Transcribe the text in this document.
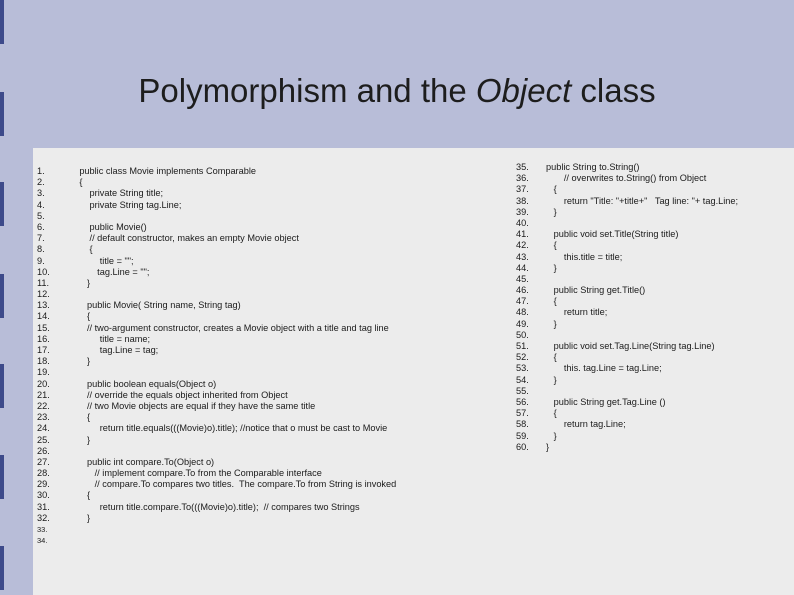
Polymorphism and the Object class
1.	public class Movie implements Comparable
2.	{
3.	private String title;
4.	private String tag.Line;
5.
6.	public Movie()
7.	// default constructor, makes an empty Movie object
8.	{
9.	title = "";
10.	tag.Line = "";
11.	}
12.
13.	public Movie( String name, String tag)
14.	{
15.	// two-argument constructor, creates a Movie object with a title and tag line
16.	title = name;
17.	tag.Line = tag;
18.	}
19.
20.	public boolean equals(Object o)
21.	// override the equals object inherited from Object
22.	// two Movie objects are equal if they have the same title
23.	{
24.	return title.equals(((Movie)o).title); //notice that o must be cast to Movie
25.	}
26.
27.	public int compare.To(Object o)
28.	// implement compare.To from the Comparable interface
29.	// compare.To compares two titles.  The compare.To from String is invoked
30.	{
31.	return title.compare.To(((Movie)o).title);  // compares two Strings
32.	}
33.
34.
35.	public String to.String()
36.	// overwrites to.String() from Object
37.	{
38.	return "Title: "+title+"   Tag line: "+ tag.Line;
39.	}
40.
41.	public void set.Title(String title)
42.	{
43.	this.title = title;
44.	}
45.
46.	public String get.Title()
47.	{
48.	return title;
49.	}
50.
51.	public void set.Tag.Line(String tag.Line)
52.	{
53.	this. tag.Line = tag.Line;
54.	}
55.
56.	public String get.Tag.Line ()
57.	{
58.	return tag.Line;
59.	}
60.	}
